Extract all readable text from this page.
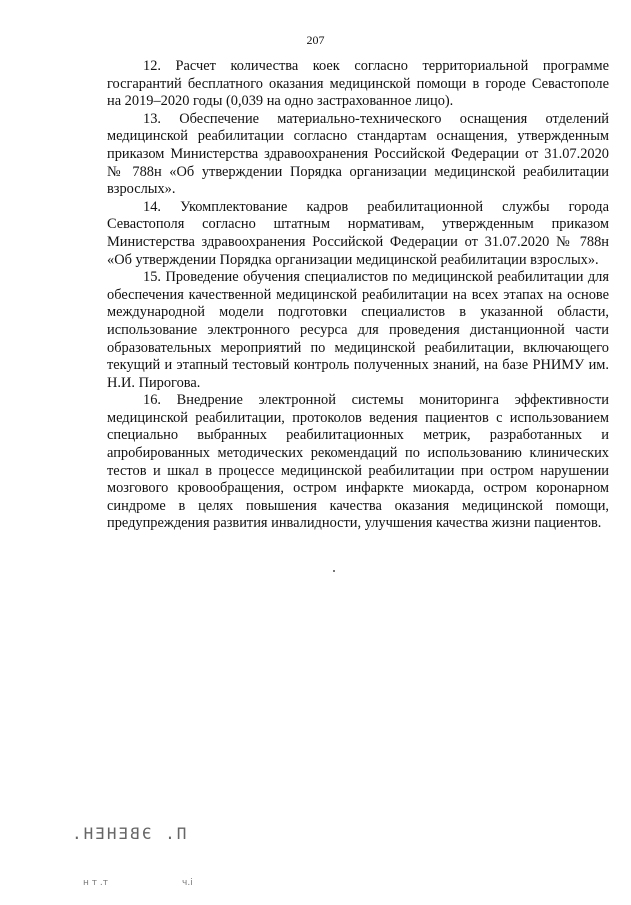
207

12. Расчет количества коек согласно территориальной программе госгарантий бесплатного оказания медицинской помощи в городе Севастополе на 2019–2020 годы (0,039 на одно застрахованное лицо).

13. Обеспечение материально-технического оснащения отделений медицинской реабилитации согласно стандартам оснащения, утвержденным приказом Министерства здравоохранения Российской Федерации от 31.07.2020 № 788н «Об утверждении Порядка организации медицинской реабилитации взрослых».

14. Укомплектование кадров реабилитационной службы города Севастополя согласно штатным нормативам, утвержденным приказом Министерства здравоохранения Российской Федерации от 31.07.2020 № 788н «Об утверждении Порядка организации медицинской реабилитации взрослых».

15. Проведение обучения специалистов по медицинской реабилитации для обеспечения качественной медицинской реабилитации на всех этапах на основе международной модели подготовки специалистов в указанной области, использование электронного ресурса для проведения дистанционной части образовательных мероприятий по медицинской реабилитации, включающего текущий и этапный тестовый контроль полученных знаний, на базе РНИМУ им. Н.И. Пирогова.

16. Внедрение электронной системы мониторинга эффективности медицинской реабилитации, протоколов ведения пациентов с использованием специально выбранных реабилитационных метрик, разработанных и апробированных методических рекомендаций по использованию клинических тестов и шкал в процессе медицинской реабилитации при остром нарушении мозгового кровообращения, остром инфаркте миокарда, остром коронарном синдроме в целях повышения качества оказания медицинской помощи, предупреждения развития инвалидности, улучшения качества жизни пациентов.

П. ЭВЕНЕН.
н т .т	ч.і
